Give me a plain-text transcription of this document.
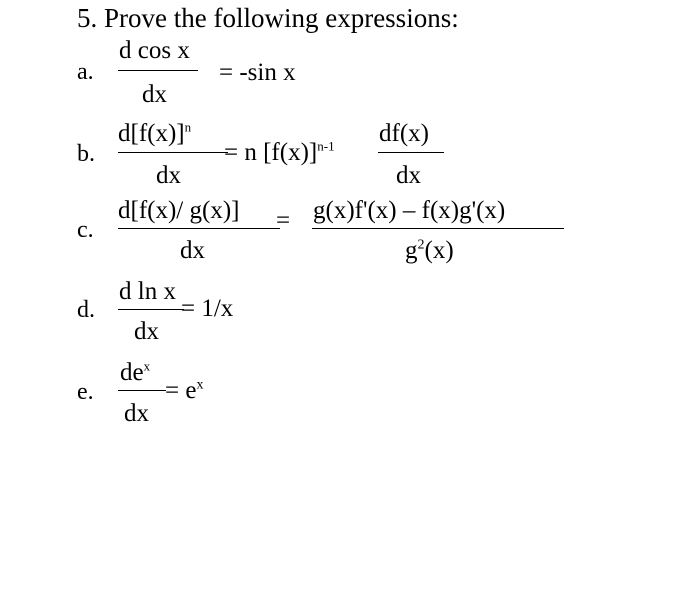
5. Prove the following expressions:
a.
d cos x
dx
= -sin x
b.
$d[f(x)]^n$
dx
= n $[f(x)]^{n-1}$ df(x)
dx
c.
d[f(x)/ g(x)]
dx
= g(x)f'(x) – f(x)g'(x)
$g^2(x)$
d.
d ln x
dx
= 1/x
e.
$de^x$
dx
= $e^x$
